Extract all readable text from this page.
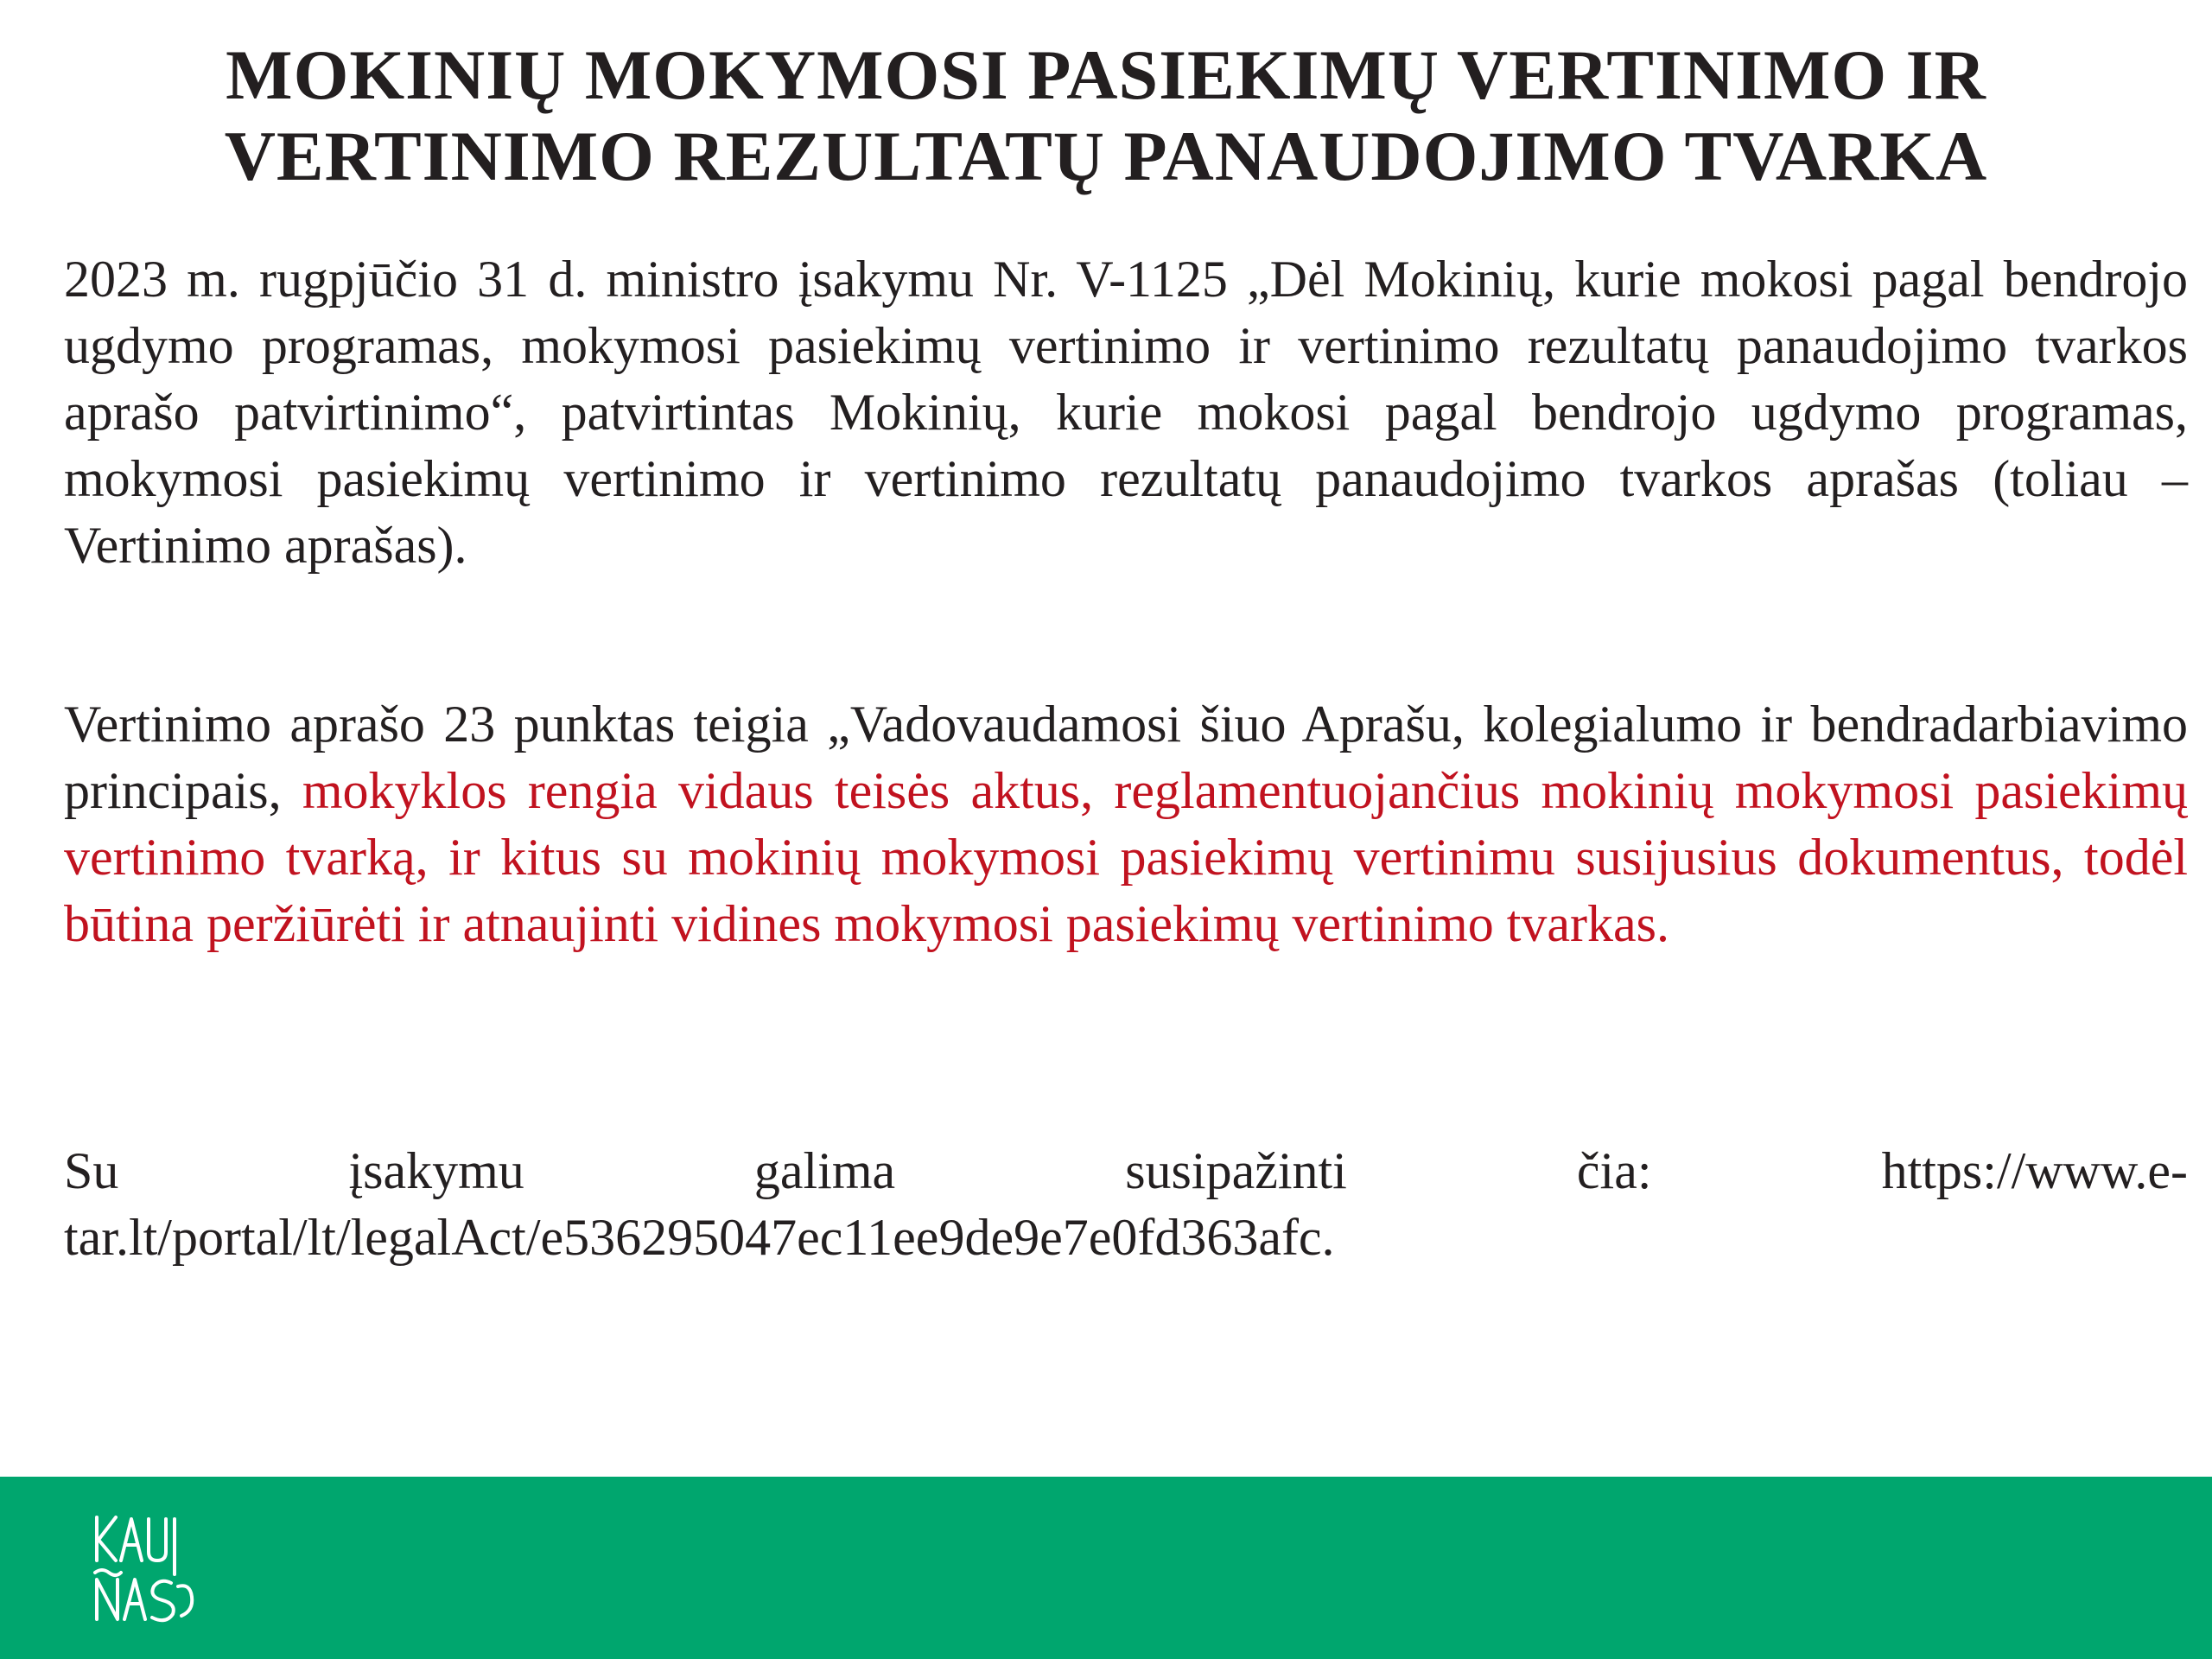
MOKINIŲ MOKYMOSI PASIEKIMŲ VERTINIMO IR
VERTINIMO REZULTATŲ PANAUDOJIMO TVARKA

2023 m. rugpjūčio 31 d. ministro įsakymu Nr. V-1125 „Dėl Mokinių, kurie mokosi pagal bendrojo ugdymo programas, mokymosi pasiekimų vertinimo ir vertinimo rezultatų panaudojimo tvarkos aprašo patvirtinimo“, patvirtintas Mokinių, kurie mokosi pagal bendrojo ugdymo programas, mokymosi pasiekimų vertinimo ir vertinimo rezultatų panaudojimo tvarkos aprašas (toliau – Vertinimo aprašas).

Vertinimo aprašo 23 punktas teigia „Vadovaudamosi šiuo Aprašu, kolegialumo ir bendradarbiavimo principais, mokyklos rengia vidaus teisės aktus, reglamentuojančius mokinių mokymosi pasiekimų vertinimo tvarką, ir kitus su mokinių mokymosi pasiekimų vertinimu susijusius dokumentus, todėl būtina peržiūrėti ir atnaujinti vidines mokymosi pasiekimų vertinimo tvarkas.

Su įsakymu galima susipažinti čia:	https://www.e-tar.lt/portal/lt/legalAct/e536295047ec11ee9de9e7e0fd363afc.
